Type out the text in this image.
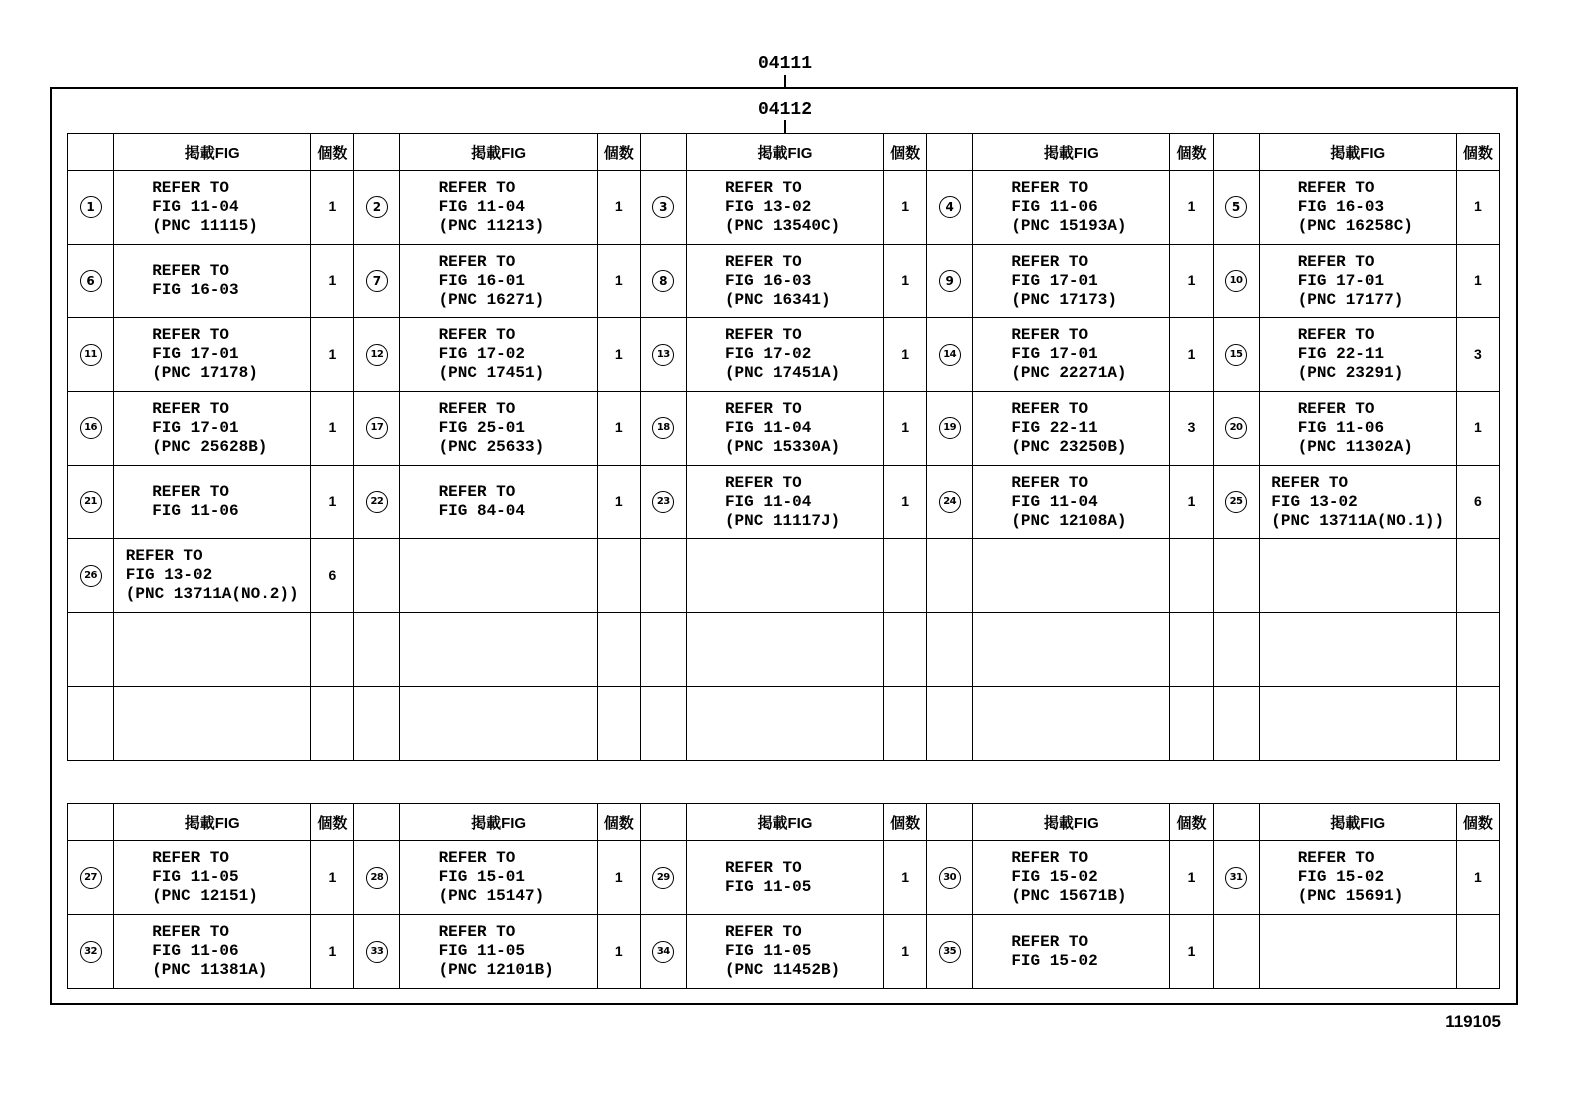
04111
04112
	掲載FIG	個数		掲載FIG	個数		掲載FIG	個数		掲載FIG	個数		掲載FIG	個数
1	REFER TO
FIG 11-04
(PNC 11115)	1	2	REFER TO
FIG 11-04
(PNC 11213)	1	3	REFER TO
FIG 13-02
(PNC 13540C)	1	4	REFER TO
FIG 11-06
(PNC 15193A)	1	5	REFER TO
FIG 16-03
(PNC 16258C)	1
6	REFER TO
FIG 16-03	1	7	REFER TO
FIG 16-01
(PNC 16271)	1	8	REFER TO
FIG 16-03
(PNC 16341)	1	9	REFER TO
FIG 17-01
(PNC 17173)	1	10	REFER TO
FIG 17-01
(PNC 17177)	1
11	REFER TO
FIG 17-01
(PNC 17178)	1	12	REFER TO
FIG 17-02
(PNC 17451)	1	13	REFER TO
FIG 17-02
(PNC 17451A)	1	14	REFER TO
FIG 17-01
(PNC 22271A)	1	15	REFER TO
FIG 22-11
(PNC 23291)	3
16	REFER TO
FIG 17-01
(PNC 25628B)	1	17	REFER TO
FIG 25-01
(PNC 25633)	1	18	REFER TO
FIG 11-04
(PNC 15330A)	1	19	REFER TO
FIG 22-11
(PNC 23250B)	3	20	REFER TO
FIG 11-06
(PNC 11302A)	1
21	REFER TO
FIG 11-06	1	22	REFER TO
FIG 84-04	1	23	REFER TO
FIG 11-04
(PNC 11117J)	1	24	REFER TO
FIG 11-04
(PNC 12108A)	1	25	REFER TO
FIG 13-02
(PNC 13711A(NO.1))	6
26	REFER TO
FIG 13-02
(PNC 13711A(NO.2))	6												

	掲載FIG	個数		掲載FIG	個数		掲載FIG	個数		掲載FIG	個数		掲載FIG	個数
27	REFER TO
FIG 11-05
(PNC 12151)	1	28	REFER TO
FIG 15-01
(PNC 15147)	1	29	REFER TO
FIG 11-05	1	30	REFER TO
FIG 15-02
(PNC 15671B)	1	31	REFER TO
FIG 15-02
(PNC 15691)	1
32	REFER TO
FIG 11-06
(PNC 11381A)	1	33	REFER TO
FIG 11-05
(PNC 12101B)	1	34	REFER TO
FIG 11-05
(PNC 11452B)	1	35	REFER TO
FIG 15-02	1			
119105
